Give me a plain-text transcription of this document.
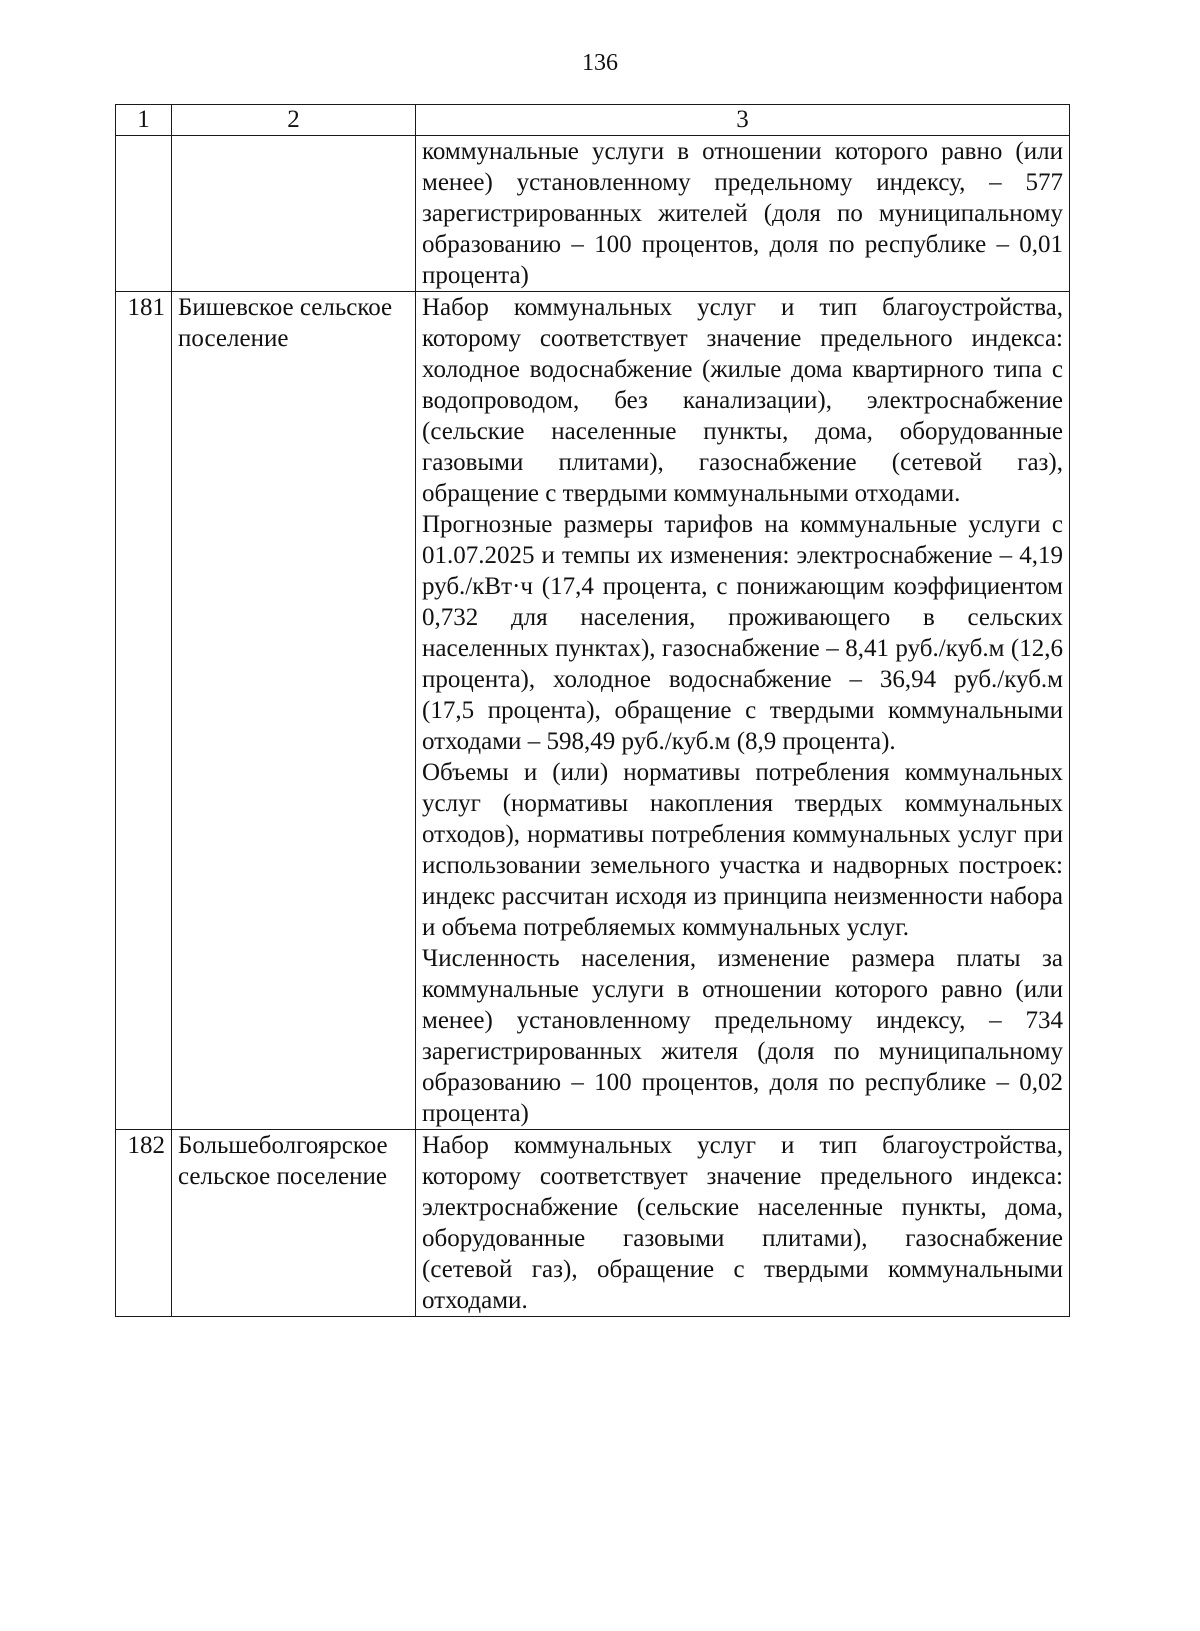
136
1	2	3

		коммунальные услуги в отношении которого равно (или менее) установленному предельному индексу, – 577 зарегистрированных жителей (доля по муниципальному образованию – 100 процентов, доля по республике – 0,01 процента)

181	Бишевское сельское поселение	Набор коммунальных услуг и тип благоустройства, которому соответствует значение предельного индекса: холодное водоснабжение (жилые дома квартирного типа с водопроводом, без канализации), электроснабжение (сельские населенные пункты, дома, оборудованные газовыми плитами), газоснабжение (сетевой газ), обращение с твердыми коммунальными отходами.

Прогнозные размеры тарифов на коммунальные услуги с 01.07.2025 и темпы их изменения: электроснабжение – 4,19 руб./кВт·ч (17,4 процента, с понижающим коэффициентом 0,732 для населения, проживающего в сельских населенных пунктах), газоснабжение – 8,41 руб./куб.м (12,6 процента), холодное водоснабжение – 36,94 руб./куб.м (17,5 процента), обращение с твердыми коммунальными отходами – 598,49 руб./куб.м (8,9 процента).

Объемы и (или) нормативы потребления коммунальных услуг (нормативы накопления твердых коммунальных отходов), нормативы потребления коммунальных услуг при использовании земельного участка и надворных построек: индекс рассчитан исходя из принципа неизменности набора и объема потребляемых коммунальных услуг.

Численность населения, изменение размера платы за коммунальные услуги в отношении которого равно (или менее) установленному предельному индексу, – 734 зарегистрированных жителя (доля по муниципальному образованию – 100 процентов, доля по республике – 0,02 процента)

182	Большеболгоярское сельское поселение	Набор коммунальных услуг и тип благоустройства, которому соответствует значение предельного индекса: электроснабжение (сельские населенные пункты, дома, оборудованные газовыми плитами), газоснабжение (сетевой газ), обращение с твердыми коммунальными отходами.
